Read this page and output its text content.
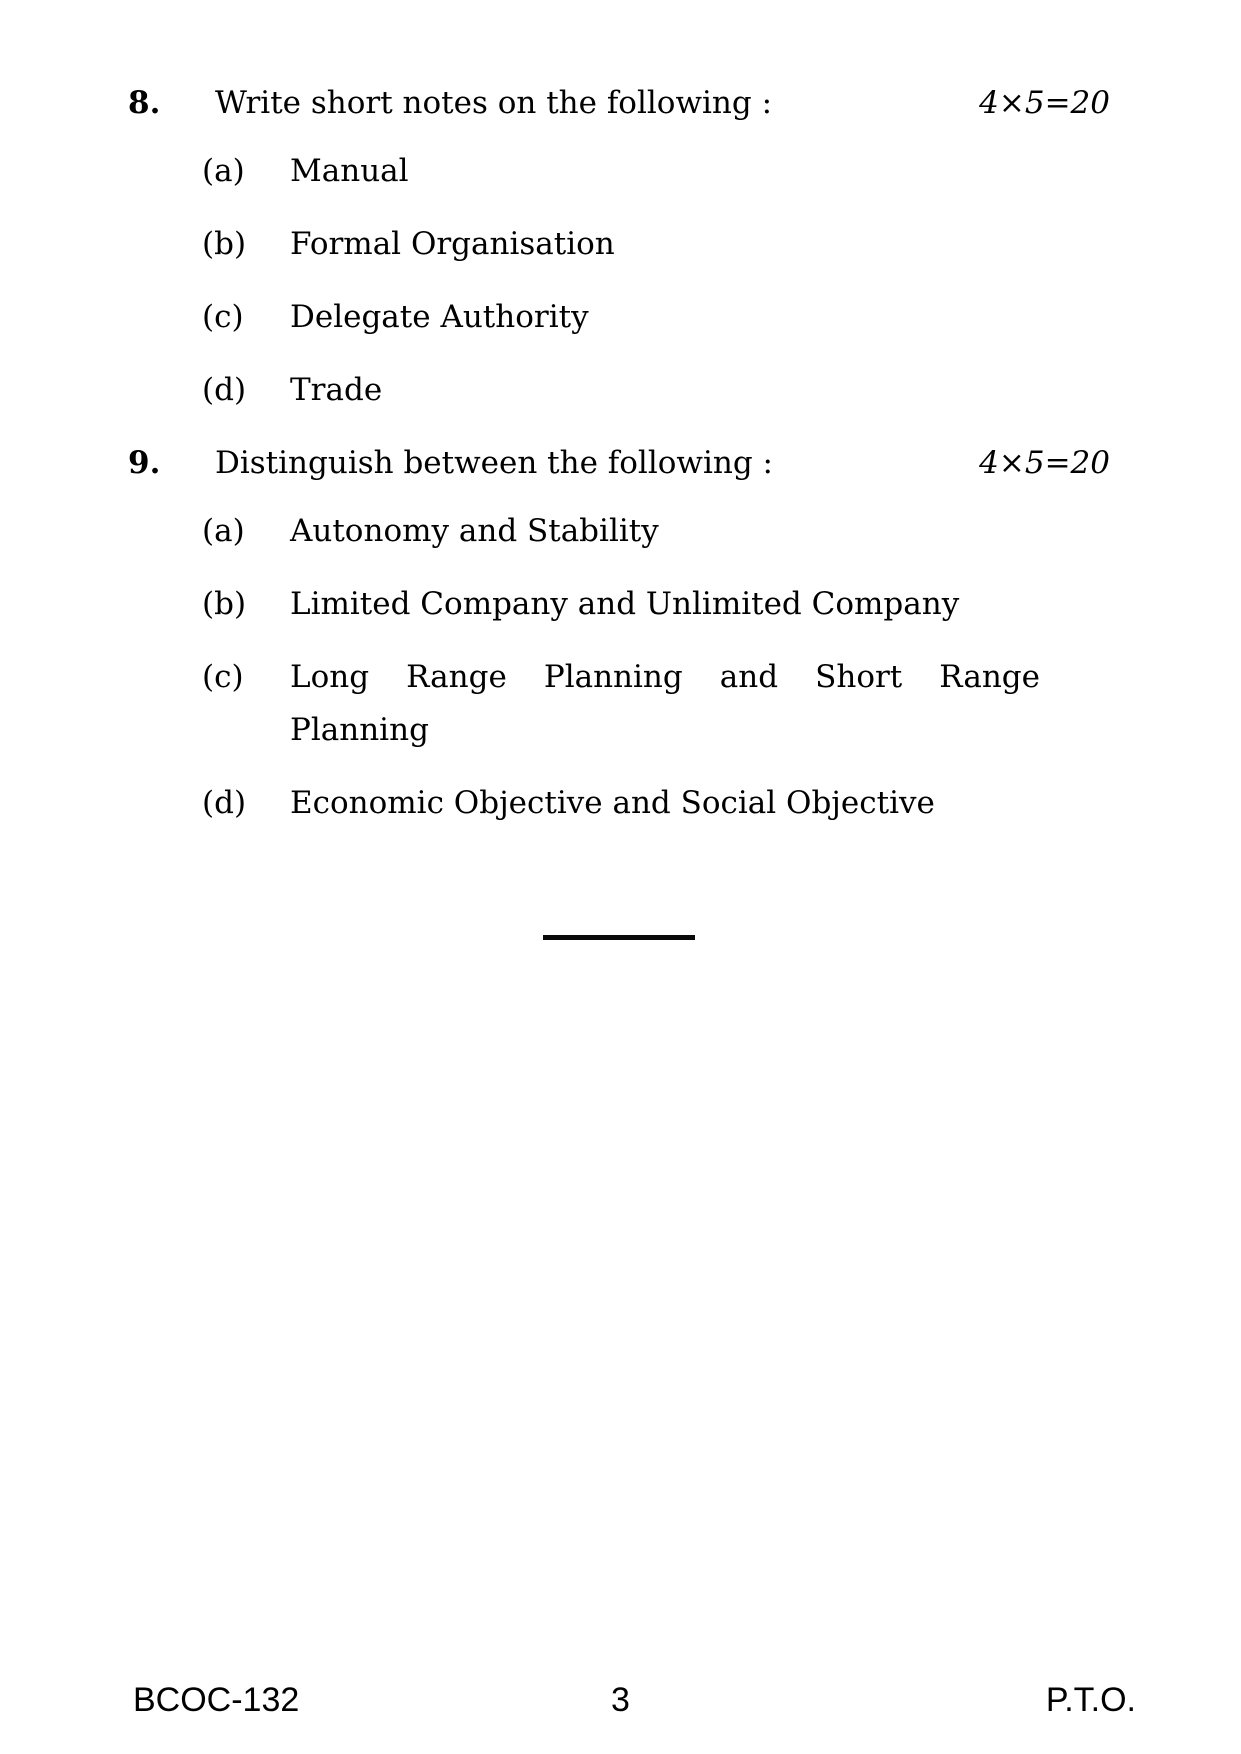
8.	Write short notes on the following :	4×5=20
(a)	Manual
(b)	Formal Organisation
(c)	Delegate Authority
(d)	Trade
9.	Distinguish between the following :	4×5=20
(a)	Autonomy and Stability
(b)	Limited Company and Unlimited Company
(c)	Long Range Planning and Short Range
Planning
(d)	Economic Objective and Social Objective
BCOC-132	3	P.T.O.
